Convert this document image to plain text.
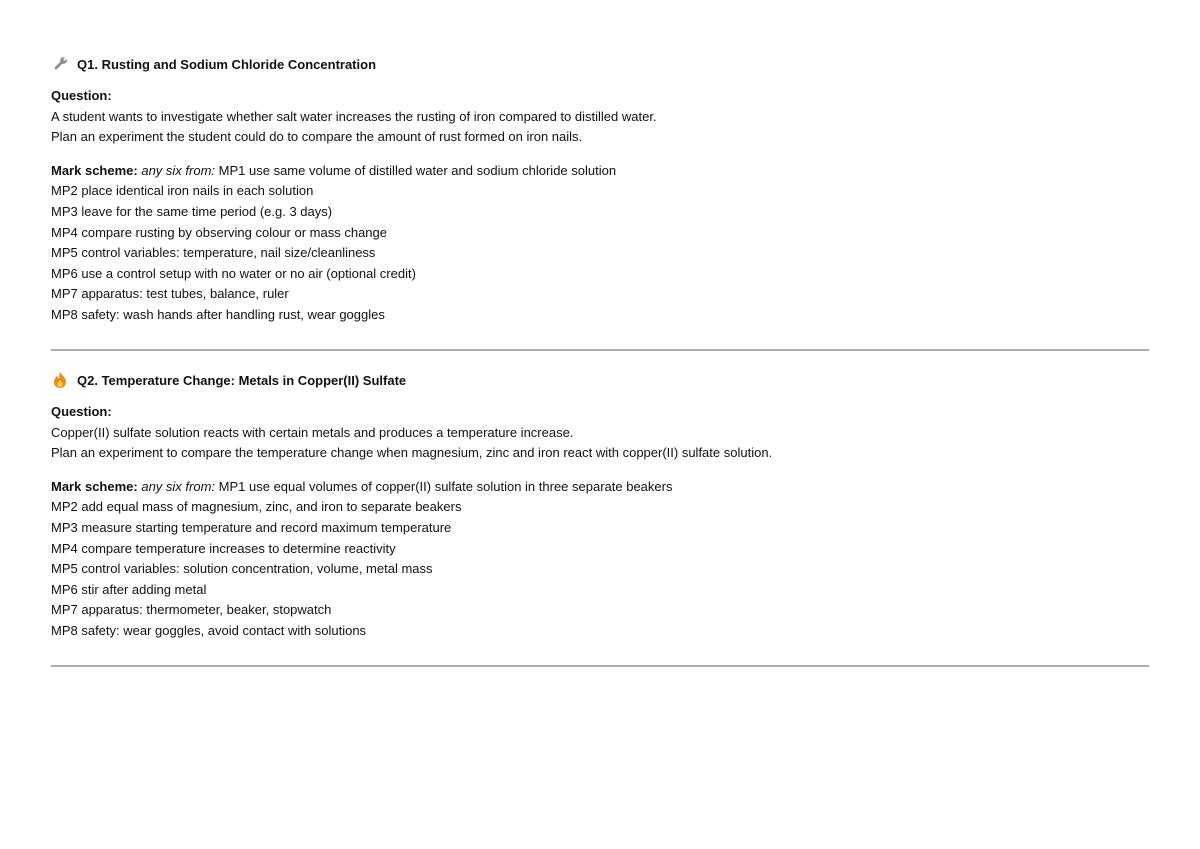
Q1. Rusting and Sodium Chloride Concentration
Question:
A student wants to investigate whether salt water increases the rusting of iron compared to distilled water.
Plan an experiment the student could do to compare the amount of rust formed on iron nails.
Mark scheme: any six from: MP1 use same volume of distilled water and sodium chloride solution
MP2 place identical iron nails in each solution
MP3 leave for the same time period (e.g. 3 days)
MP4 compare rusting by observing colour or mass change
MP5 control variables: temperature, nail size/cleanliness
MP6 use a control setup with no water or no air (optional credit)
MP7 apparatus: test tubes, balance, ruler
MP8 safety: wash hands after handling rust, wear goggles
Q2. Temperature Change: Metals in Copper(II) Sulfate
Question:
Copper(II) sulfate solution reacts with certain metals and produces a temperature increase.
Plan an experiment to compare the temperature change when magnesium, zinc and iron react with copper(II) sulfate solution.
Mark scheme: any six from: MP1 use equal volumes of copper(II) sulfate solution in three separate beakers
MP2 add equal mass of magnesium, zinc, and iron to separate beakers
MP3 measure starting temperature and record maximum temperature
MP4 compare temperature increases to determine reactivity
MP5 control variables: solution concentration, volume, metal mass
MP6 stir after adding metal
MP7 apparatus: thermometer, beaker, stopwatch
MP8 safety: wear goggles, avoid contact with solutions
